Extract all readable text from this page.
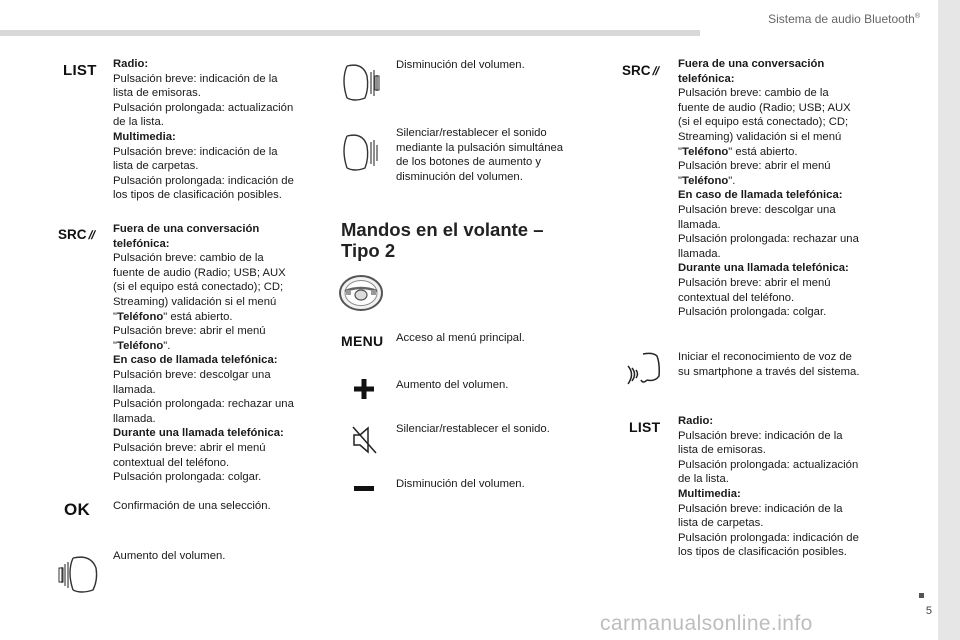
Sistema de audio Bluetooth®
5
carmanualsonline.info
LIST Radio:
Pulsación breve: indicación de la
lista de emisoras.
Pulsación prolongada: actualización
de la lista.
Multimedia:
Pulsación breve: indicación de la
lista de carpetas.
Pulsación prolongada: indicación de
los tipos de clasificación posibles.
SRC/ / Fuera de una conversación
telefónica:
Pulsación breve: cambio de la
fuente de audio (Radio; USB; AUX
(si el equipo está conectado); CD;
Streaming) validación si el menú
"Teléfono" está abierto.
Pulsación breve: abrir el menú
"Teléfono".
En caso de llamada telefónica:
Pulsación breve: descolgar una
llamada.
Pulsación prolongada: rechazar una
llamada.
Durante una llamada telefónica:
Pulsación breve: abrir el menú
contextual del teléfono.
Pulsación prolongada: colgar.
OK Confirmación de una selección.
Aumento del volumen.
Disminución del volumen.
Silenciar/restablecer el sonido
mediante la pulsación simultánea
de los botones de aumento y
disminución del volumen.
Mandos en el volante –
Tipo 2
MENU Acceso al menú principal.
Aumento del volumen.
Silenciar/restablecer el sonido.
Disminución del volumen.
SRC/ / Fuera de una conversación
telefónica:
Pulsación breve: cambio de la
fuente de audio (Radio; USB; AUX
(si el equipo está conectado); CD;
Streaming) validación si el menú
"Teléfono" está abierto.
Pulsación breve: abrir el menú
"Teléfono".
En caso de llamada telefónica:
Pulsación breve: descolgar una
llamada.
Pulsación prolongada: rechazar una
llamada.
Durante una llamada telefónica:
Pulsación breve: abrir el menú
contextual del teléfono.
Pulsación prolongada: colgar.
Iniciar el reconocimiento de voz de
su smartphone a través del sistema.
LIST Radio:
Pulsación breve: indicación de la
lista de emisoras.
Pulsación prolongada: actualización
de la lista.
Multimedia:
Pulsación breve: indicación de la
lista de carpetas.
Pulsación prolongada: indicación de
los tipos de clasificación posibles.
